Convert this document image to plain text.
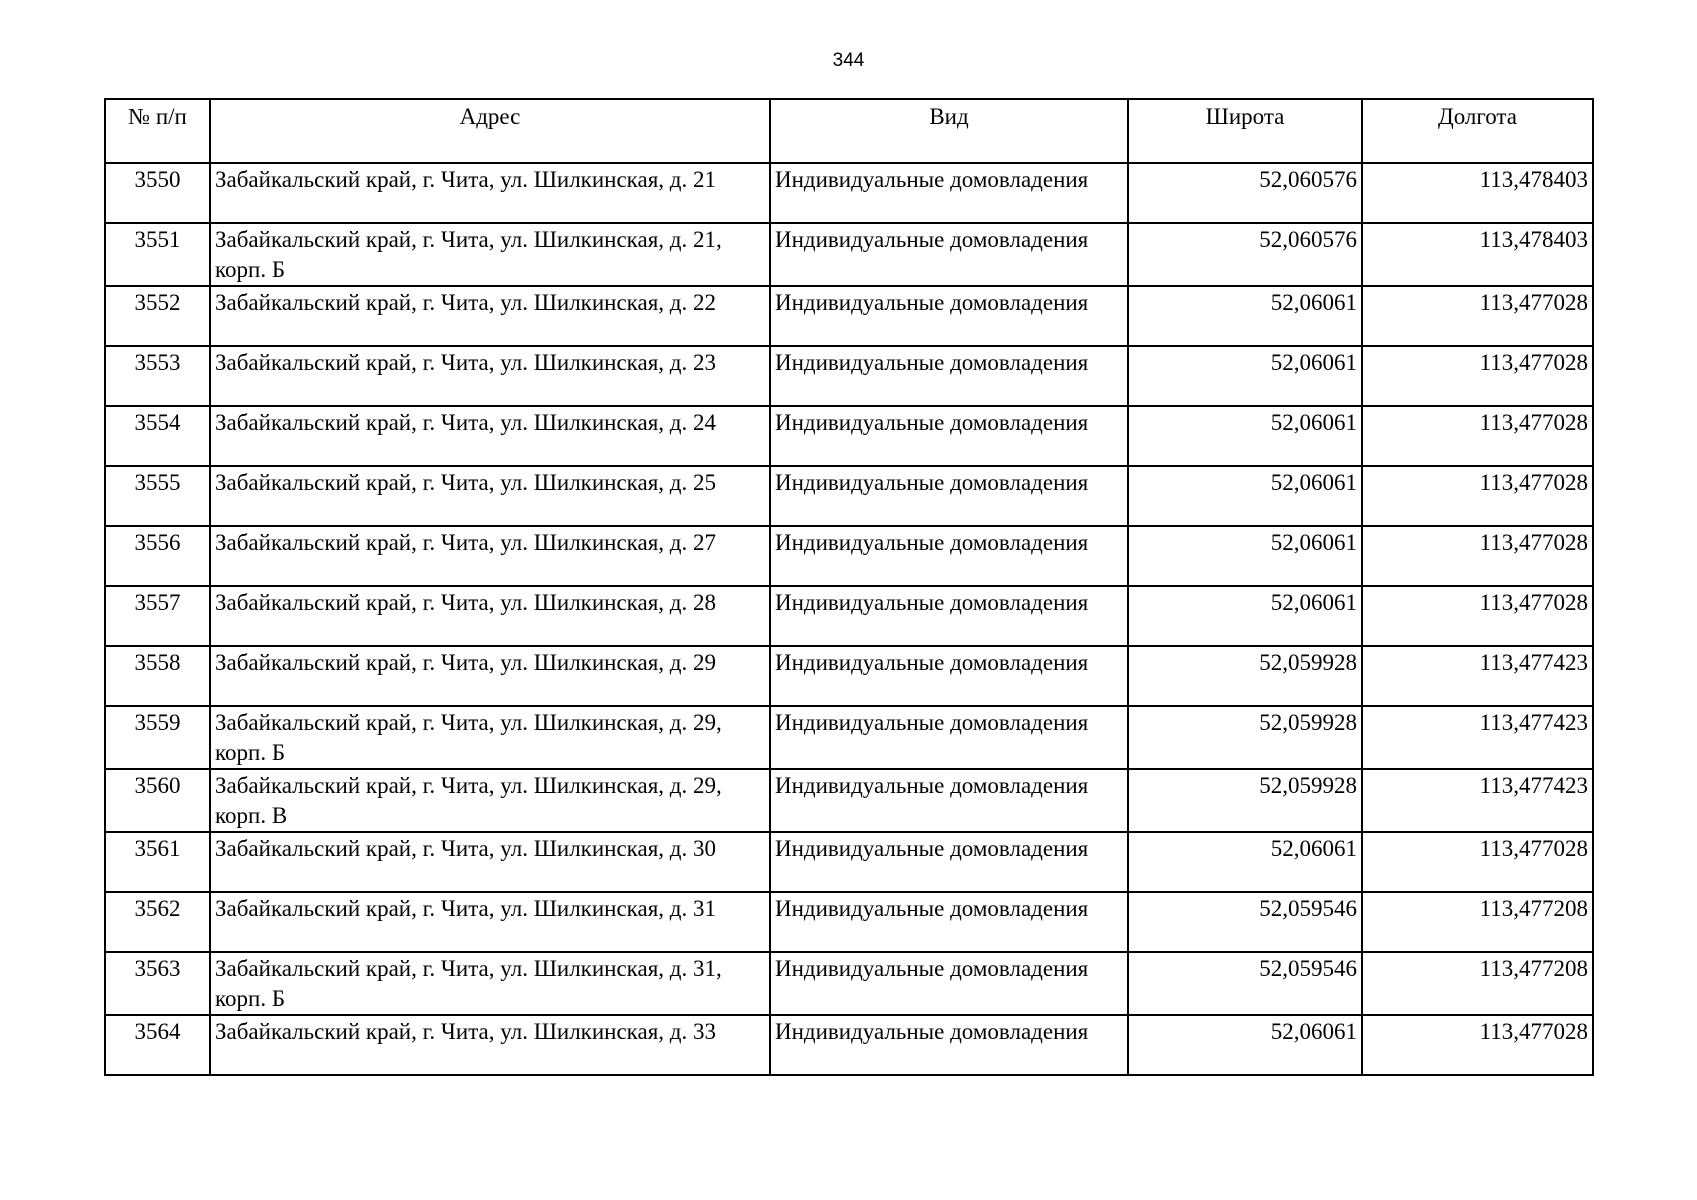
344
№ п/п	Адрес	Вид	Широта	Долгота
3550	Забайкальский край, г. Чита, ул. Шилкинская, д. 21	Индивидуальные домовладения	52,060576	113,478403
3551	Забайкальский край, г. Чита, ул. Шилкинская, д. 21, корп. Б	Индивидуальные домовладения	52,060576	113,478403
3552	Забайкальский край, г. Чита, ул. Шилкинская, д. 22	Индивидуальные домовладения	52,06061	113,477028
3553	Забайкальский край, г. Чита, ул. Шилкинская, д. 23	Индивидуальные домовладения	52,06061	113,477028
3554	Забайкальский край, г. Чита, ул. Шилкинская, д. 24	Индивидуальные домовладения	52,06061	113,477028
3555	Забайкальский край, г. Чита, ул. Шилкинская, д. 25	Индивидуальные домовладения	52,06061	113,477028
3556	Забайкальский край, г. Чита, ул. Шилкинская, д. 27	Индивидуальные домовладения	52,06061	113,477028
3557	Забайкальский край, г. Чита, ул. Шилкинская, д. 28	Индивидуальные домовладения	52,06061	113,477028
3558	Забайкальский край, г. Чита, ул. Шилкинская, д. 29	Индивидуальные домовладения	52,059928	113,477423
3559	Забайкальский край, г. Чита, ул. Шилкинская, д. 29, корп. Б	Индивидуальные домовладения	52,059928	113,477423
3560	Забайкальский край, г. Чита, ул. Шилкинская, д. 29, корп. В	Индивидуальные домовладения	52,059928	113,477423
3561	Забайкальский край, г. Чита, ул. Шилкинская, д. 30	Индивидуальные домовладения	52,06061	113,477028
3562	Забайкальский край, г. Чита, ул. Шилкинская, д. 31	Индивидуальные домовладения	52,059546	113,477208
3563	Забайкальский край, г. Чита, ул. Шилкинская, д. 31, корп. Б	Индивидуальные домовладения	52,059546	113,477208
3564	Забайкальский край, г. Чита, ул. Шилкинская, д. 33	Индивидуальные домовладения	52,06061	113,477028
